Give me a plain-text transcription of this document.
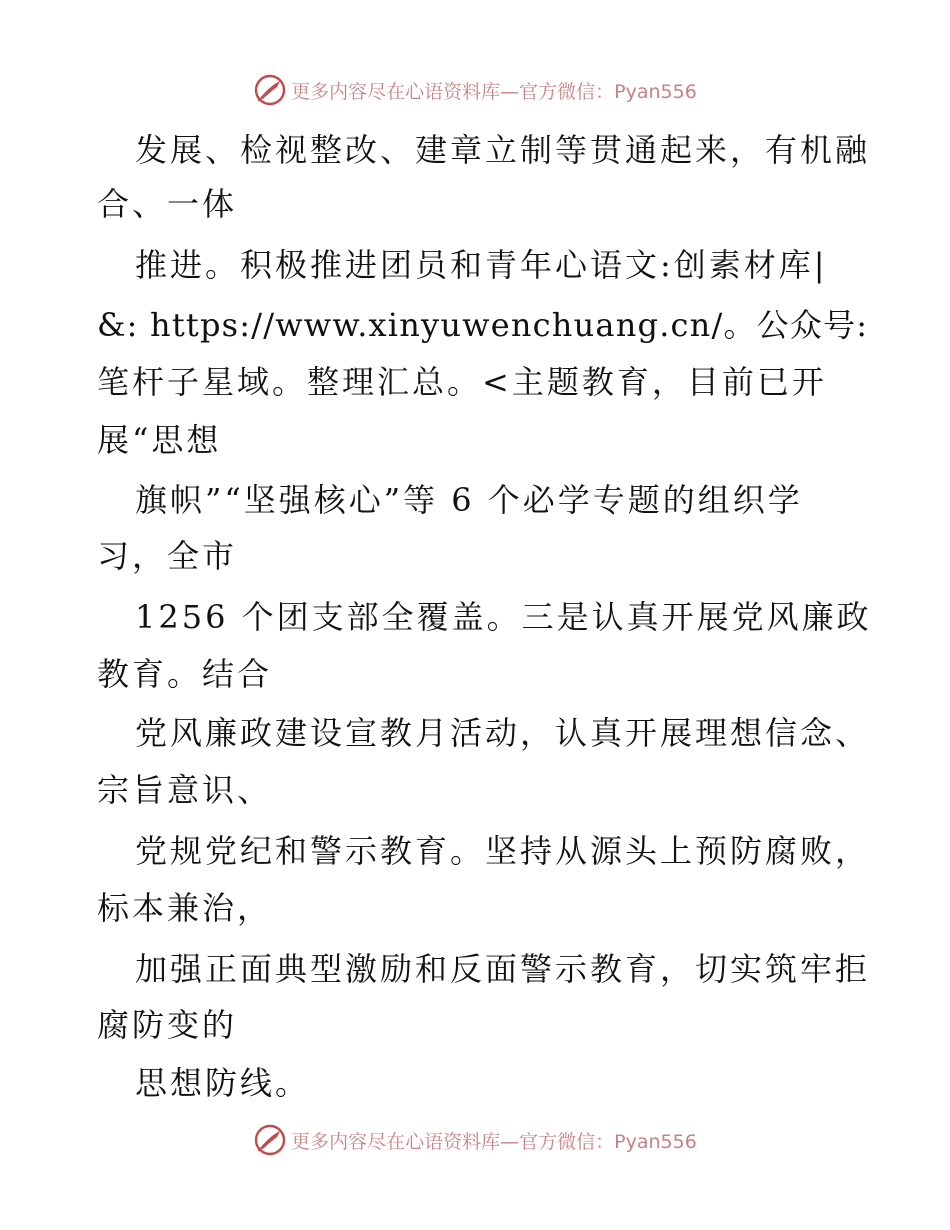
更多内容尽在心语资料库—官方微信：Pyan556
发展、检视整改、建章立制等贯通起来，有机融
合、一体
推进。积极推进团员和青年心语文:创素材库|
&: https://www.xinyuwenchuang.cn/。公众号:
笔杆子星域。整理汇总。<主题教育，目前已开
展“思想
旗帜”“坚强核心”等 6 个必学专题的组织学
习，全市
1256 个团支部全覆盖。三是认真开展党风廉政
教育。结合
党风廉政建设宣教月活动，认真开展理想信念、
宗旨意识、
党规党纪和警示教育。坚持从源头上预防腐败，
标本兼治，
加强正面典型激励和反面警示教育，切实筑牢拒
腐防变的
思想防线。
更多内容尽在心语资料库—官方微信：Pyan556
